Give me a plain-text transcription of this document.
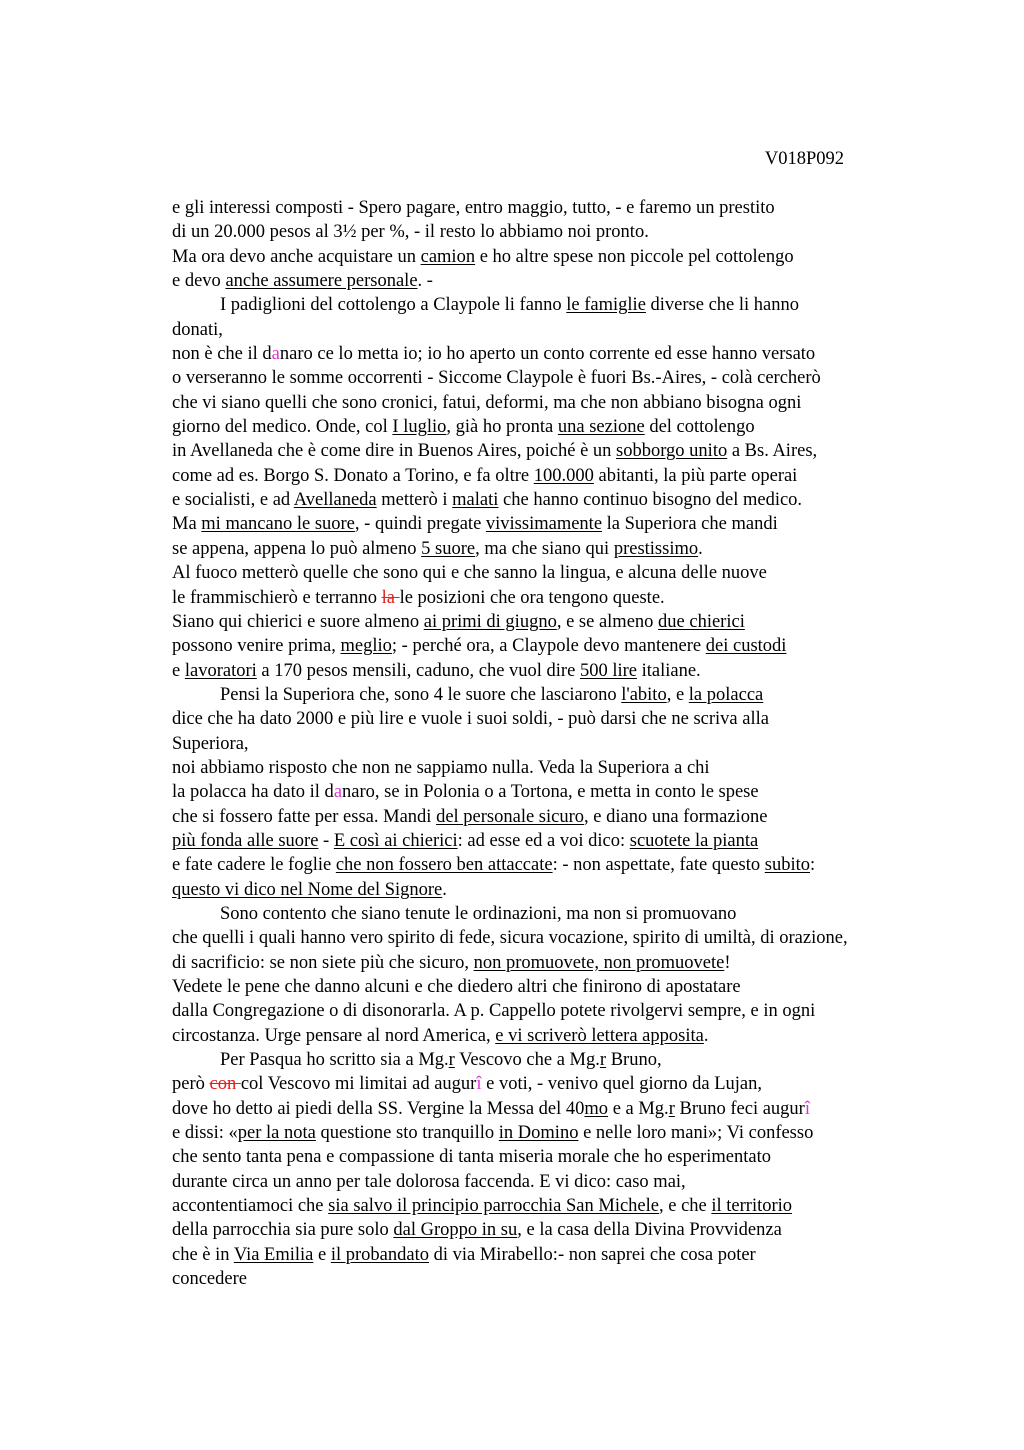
V018P092
e gli interessi composti - Spero pagare, entro maggio, tutto, - e faremo un prestito
di un 20.000 pesos al 3½ per %, - il resto lo abbiamo noi pronto.
Ma ora devo anche acquistare un camion e ho altre spese non piccole pel cottolengo
e devo anche assumere personale. -
I padiglioni del cottolengo a Claypole li fanno le famiglie diverse che li hanno
donati,
non è che il danaro ce lo metta io; io ho aperto un conto corrente ed esse hanno versato
o verseranno le somme occorrenti - Siccome Claypole è fuori Bs.-Aires, - colà cercherò
che vi siano quelli che sono cronici, fatui, deformi, ma che non abbiano bisogna ogni
giorno del medico. Onde, col I luglio, già ho pronta una sezione del cottolengo
in Avellaneda che è come dire in Buenos Aires, poiché è un sobborgo unito a Bs. Aires,
come ad es. Borgo S. Donato a Torino, e fa oltre 100.000 abitanti, la più parte operai
e socialisti, e ad Avellaneda metterò i malati che hanno continuo bisogno del medico.
Ma mi mancano le suore, - quindi pregate vivissimamente la Superiora che mandi
se appena, appena lo può almeno 5 suore, ma che siano qui prestissimo.
Al fuoco metterò quelle che sono qui e che sanno la lingua, e alcuna delle nuove
le frammischierò e terranno la le posizioni che ora tengono queste.
Siano qui chierici e suore almeno ai primi di giugno, e se almeno due chierici
possono venire prima, meglio; - perché ora, a Claypole devo mantenere dei custodi
e lavoratori a 170 pesos mensili, caduno, che vuol dire 500 lire italiane.
Pensi la Superiora che, sono 4 le suore che lasciarono l'abito, e la polacca
dice che ha dato 2000 e più lire e vuole i suoi soldi, - può darsi che ne scriva alla
Superiora,
noi abbiamo risposto che non ne sappiamo nulla. Veda la Superiora a chi
la polacca ha dato il danaro, se in Polonia o a Tortona, e metta in conto le spese
che si fossero fatte per essa. Mandi del personale sicuro, e diano una formazione
più fonda alle suore - E così ai chierici: ad esse ed a voi dico: scuotete la pianta
e fate cadere le foglie che non fossero ben attaccate: - non aspettate, fate questo subito:
questo vi dico nel Nome del Signore.
Sono contento che siano tenute le ordinazioni, ma non si promuovano
che quelli i quali hanno vero spirito di fede, sicura vocazione, spirito di umiltà, di orazione,
di sacrificio: se non siete più che sicuro, non promuovete, non promuovete!
Vedete le pene che danno alcuni e che diedero altri che finirono di apostatare
dalla Congregazione o di disonorarla. A p. Cappello potete rivolgervi sempre, e in ogni
circostanza. Urge pensare al nord America, e vi scriverò lettera apposita.
Per Pasqua ho scritto sia a Mg.r Vescovo che a Mg.r Bruno,
però con col Vescovo mi limitai ad augurî e voti, - venivo quel giorno da Lujan,
dove ho detto ai piedi della SS. Vergine la Messa del 40mo e a Mg.r Bruno feci augurî
e dissi: «per la nota questione sto tranquillo in Domino e nelle loro mani»; Vi confesso
che sento tanta pena e compassione di tanta miseria morale che ho esperimentato
durante circa un anno per tale dolorosa faccenda. E vi dico: caso mai,
accontentiamoci che sia salvo il principio parrocchia San Michele, e che il territorio
della parrocchia sia pure solo dal Groppo in su, e la casa della Divina Provvidenza
che è in Via Emilia e il probandato di via Mirabello:- non saprei che cosa poter
concedere
